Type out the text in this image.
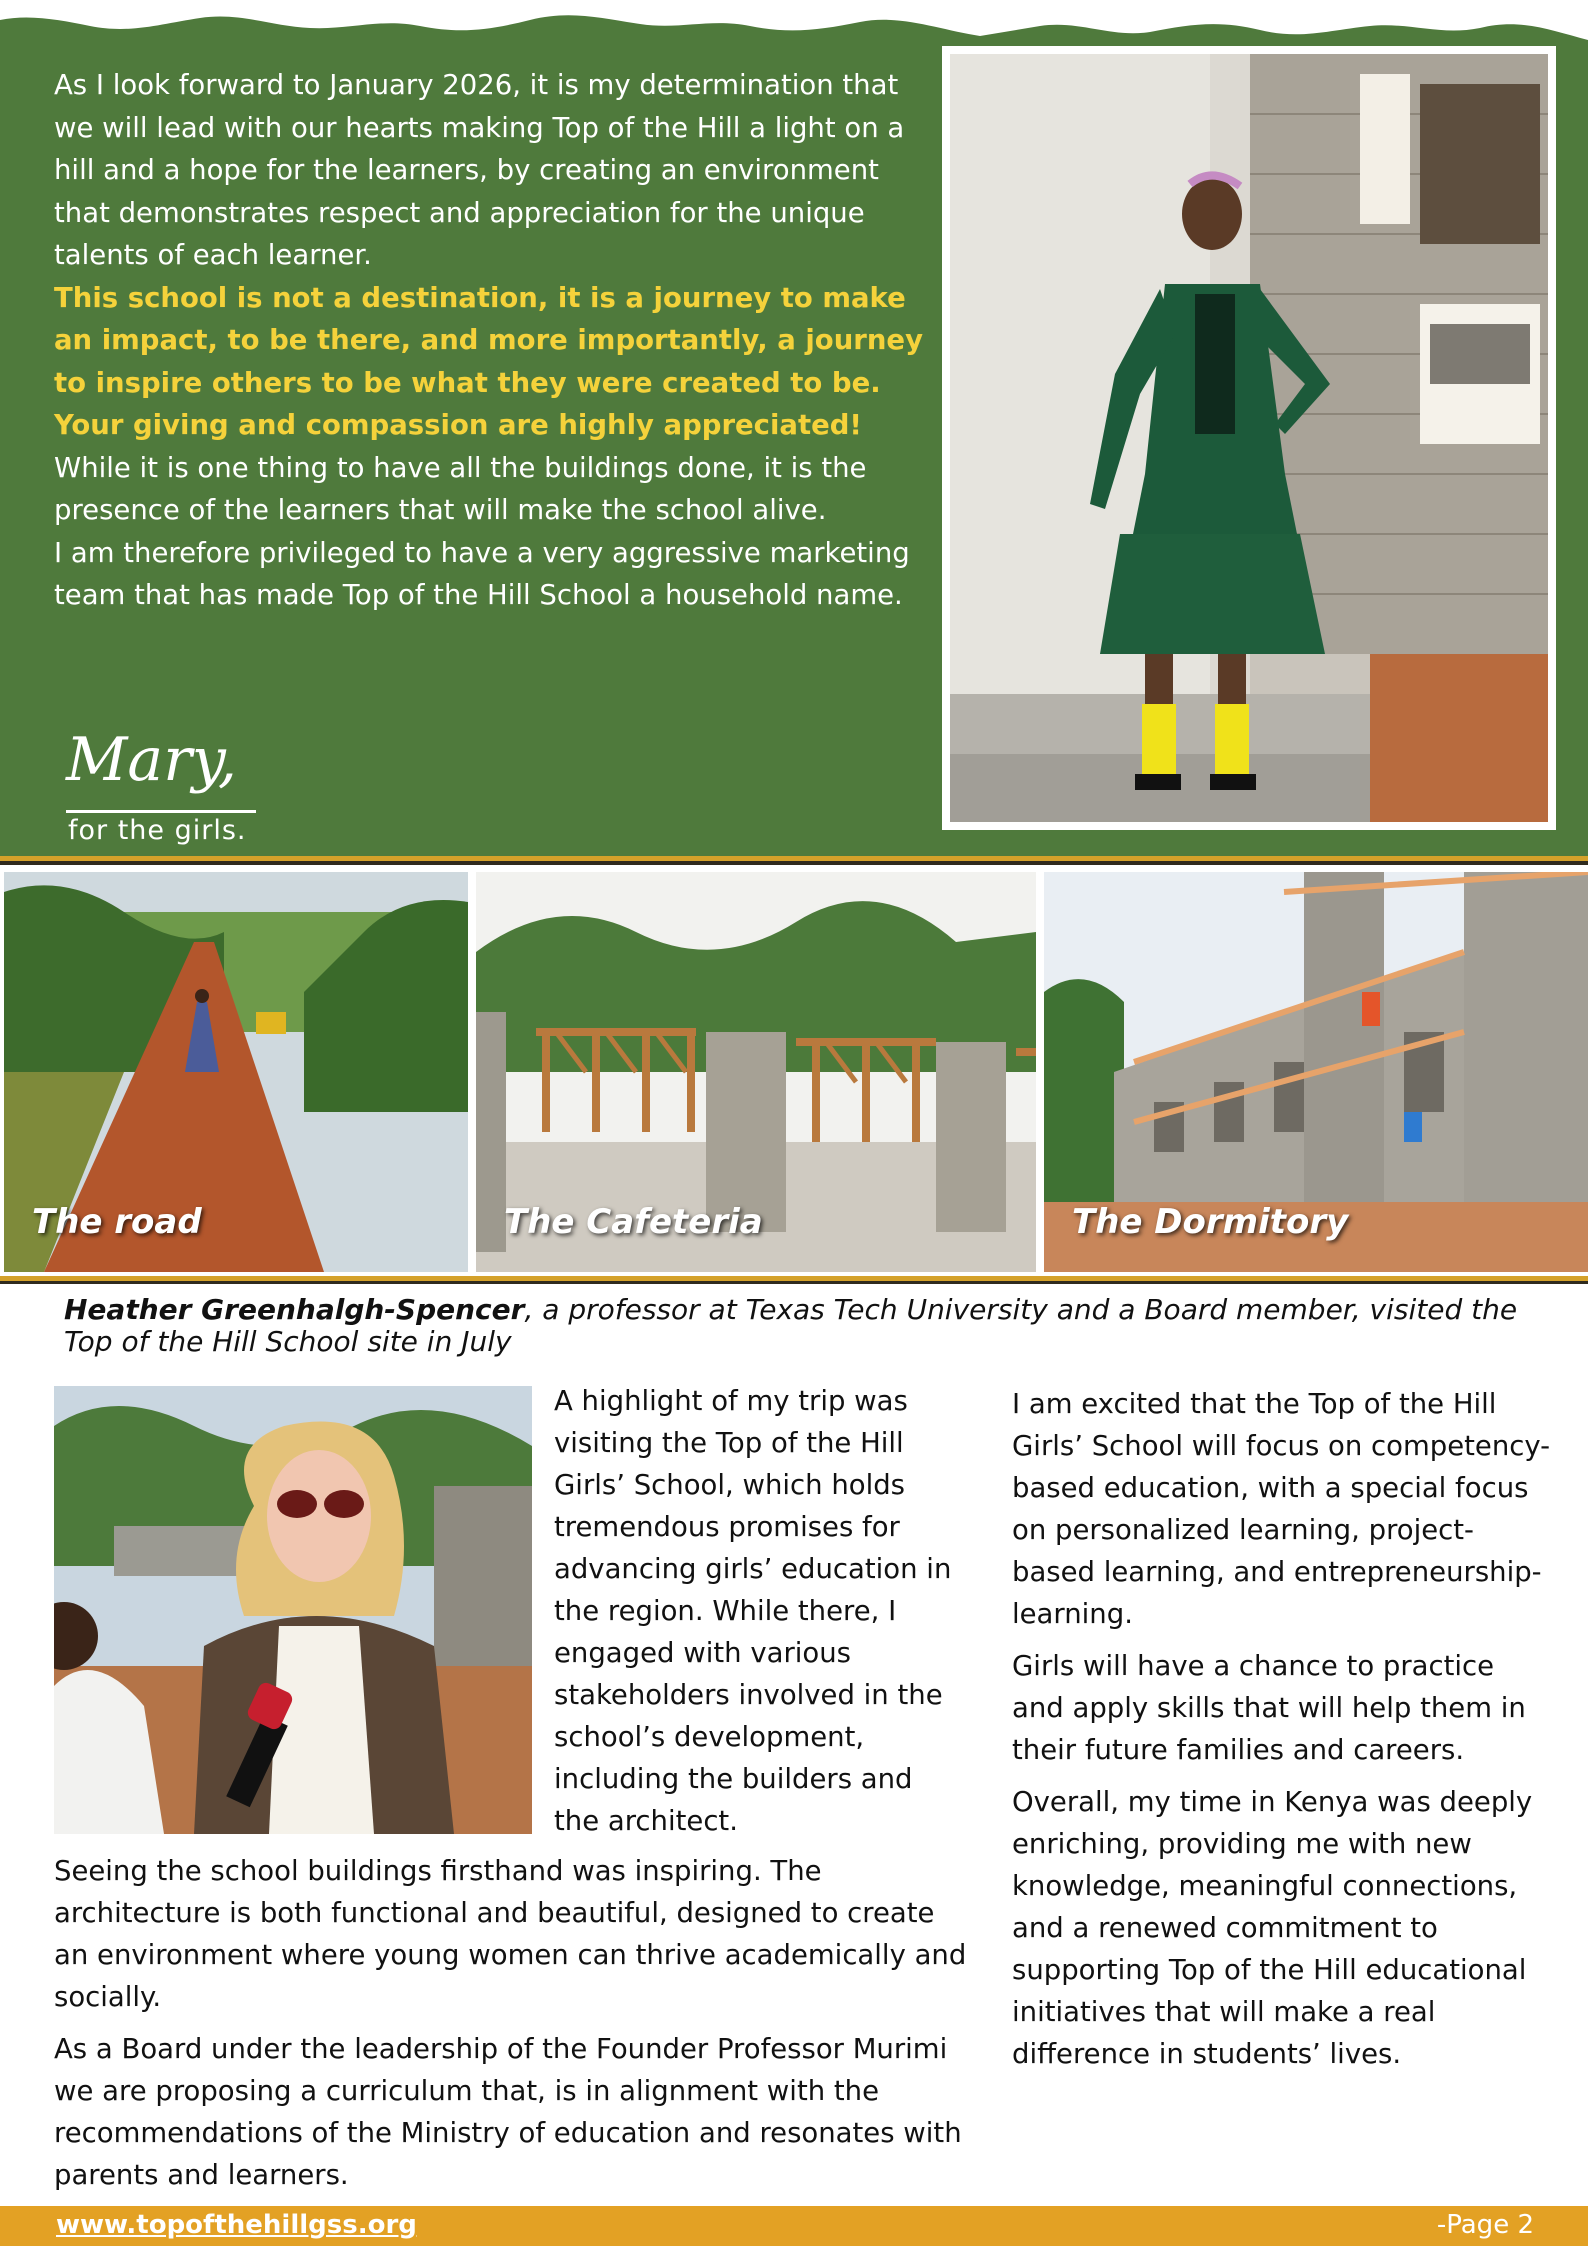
As I look forward to January 2026, it is my determination that we will lead with our hearts making Top of the Hill a light on a hill and a hope for the learners, by creating an environment that demonstrates respect and appreciation for the unique talents of each learner.

This school is not a destination, it is a journey to make an impact, to be there, and more importantly, a journey to inspire others to be what they were created to be.

Your giving and compassion are highly appreciated!

While it is one thing to have all the buildings done, it is the presence of the learners that will make the school alive.

I am therefore privileged to have a very aggressive marketing team that has made Top of the Hill School a household name.

Mary,
for the girls.
The road	The Cafeteria	The Dormitory
Heather Greenhalgh-Spencer, a professor at Texas Tech University and a Board member, visited the Top of the Hill School site in July

A highlight of my trip was visiting the Top of the Hill Girls’ School, which holds tremendous promises for advancing girls’ education in the region. While there, I engaged with various stakeholders involved in the school’s development, including the builders and the architect.

Seeing the school buildings firsthand was inspiring. The architecture is both functional and beautiful, designed to create an environment where young women can thrive academically and socially.

As a Board under the leadership of the Founder Professor Murimi we are proposing a curriculum that, is in alignment with the recommendations of the Ministry of education and resonates with parents and learners.

I am excited that the Top of the Hill Girls’ School will focus on competency-based education, with a special focus on personalized learning, project-based learning, and entrepreneurship-learning.

Girls will have a chance to practice and apply skills that will help them in their future families and careers.

Overall, my time in Kenya was deeply enriching, providing me with new knowledge, meaningful connections, and a renewed commitment to supporting Top of the Hill educational initiatives that will make a real difference in students’ lives.

www.topofthehillgss.org	-Page 2
